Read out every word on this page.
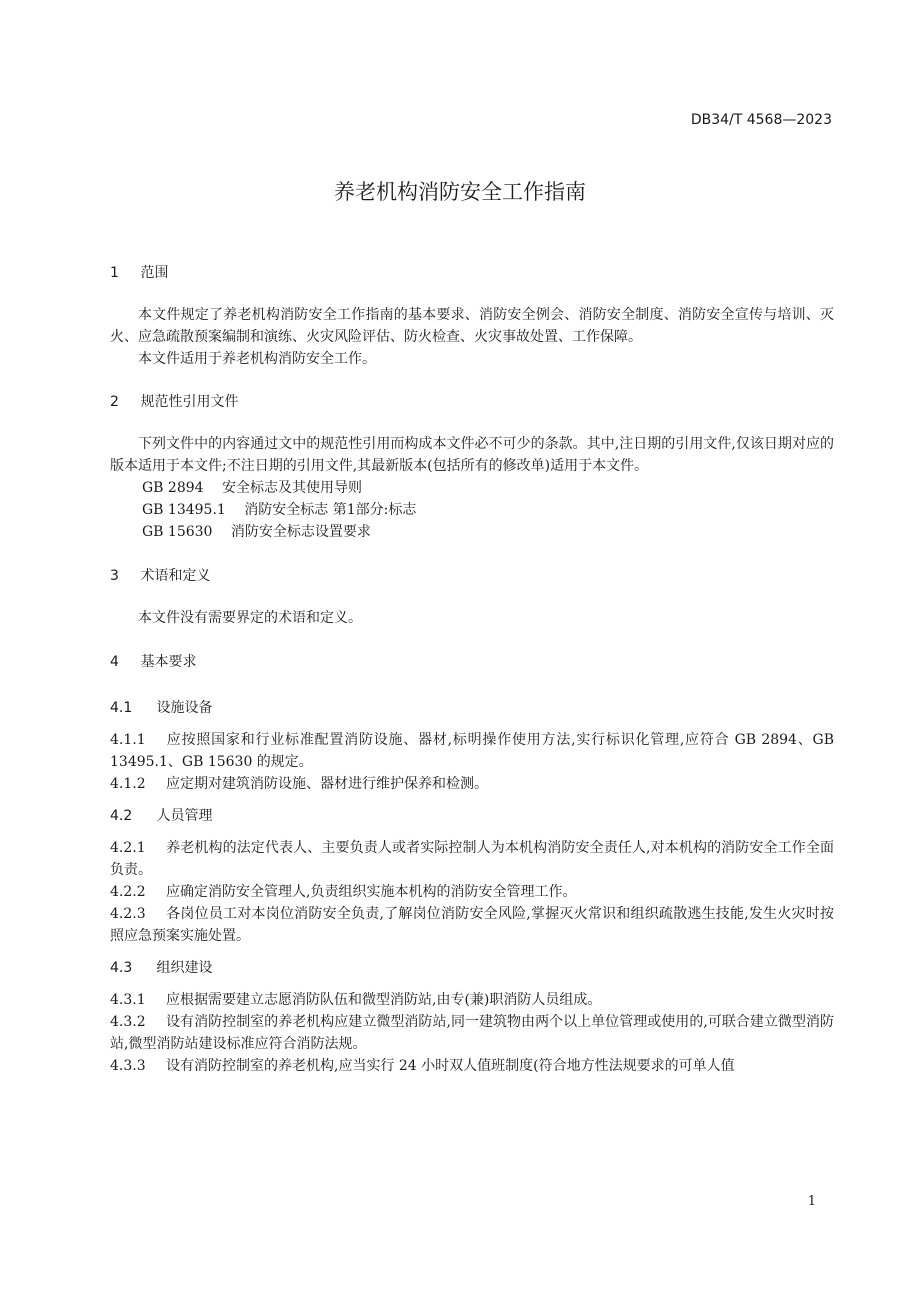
DB34/T 4568—2023
养老机构消防安全工作指南
1 范围

本文件规定了养老机构消防安全工作指南的基本要求、消防安全例会、消防安全制度、消防安全宣传与培训、灭火、应急疏散预案编制和演练、火灾风险评估、防火检查、火灾事故处置、工作保障。

本文件适用于养老机构消防安全工作。

2 规范性引用文件

下列文件中的内容通过文中的规范性引用而构成本文件必不可少的条款。其中,注日期的引用文件,仅该日期对应的版本适用于本文件;不注日期的引用文件,其最新版本(包括所有的修改单)适用于本文件。

GB 2894 安全标志及其使用导则
GB 13495.1 消防安全标志 第1部分:标志
GB 15630 消防安全标志设置要求
3 术语和定义

本文件没有需要界定的术语和定义。

4 基本要求
4.1 设施设备

4.1.1 应按照国家和行业标准配置消防设施、器材,标明操作使用方法,实行标识化管理,应符合 GB 2894、GB 13495.1、GB 15630 的规定。

4.1.2 应定期对建筑消防设施、器材进行维护保养和检测。

4.2 人员管理

4.2.1 养老机构的法定代表人、主要负责人或者实际控制人为本机构消防安全责任人,对本机构的消防安全工作全面负责。

4.2.2 应确定消防安全管理人,负责组织实施本机构的消防安全管理工作。

4.2.3 各岗位员工对本岗位消防安全负责,了解岗位消防安全风险,掌握灭火常识和组织疏散逃生技能,发生火灾时按照应急预案实施处置。

4.3 组织建设

4.3.1 应根据需要建立志愿消防队伍和微型消防站,由专(兼)职消防人员组成。

4.3.2 设有消防控制室的养老机构应建立微型消防站,同一建筑物由两个以上单位管理或使用的,可联合建立微型消防站,微型消防站建设标准应符合消防法规。

4.3.3 设有消防控制室的养老机构,应当实行 24 小时双人值班制度(符合地方性法规要求的可单人值

1
